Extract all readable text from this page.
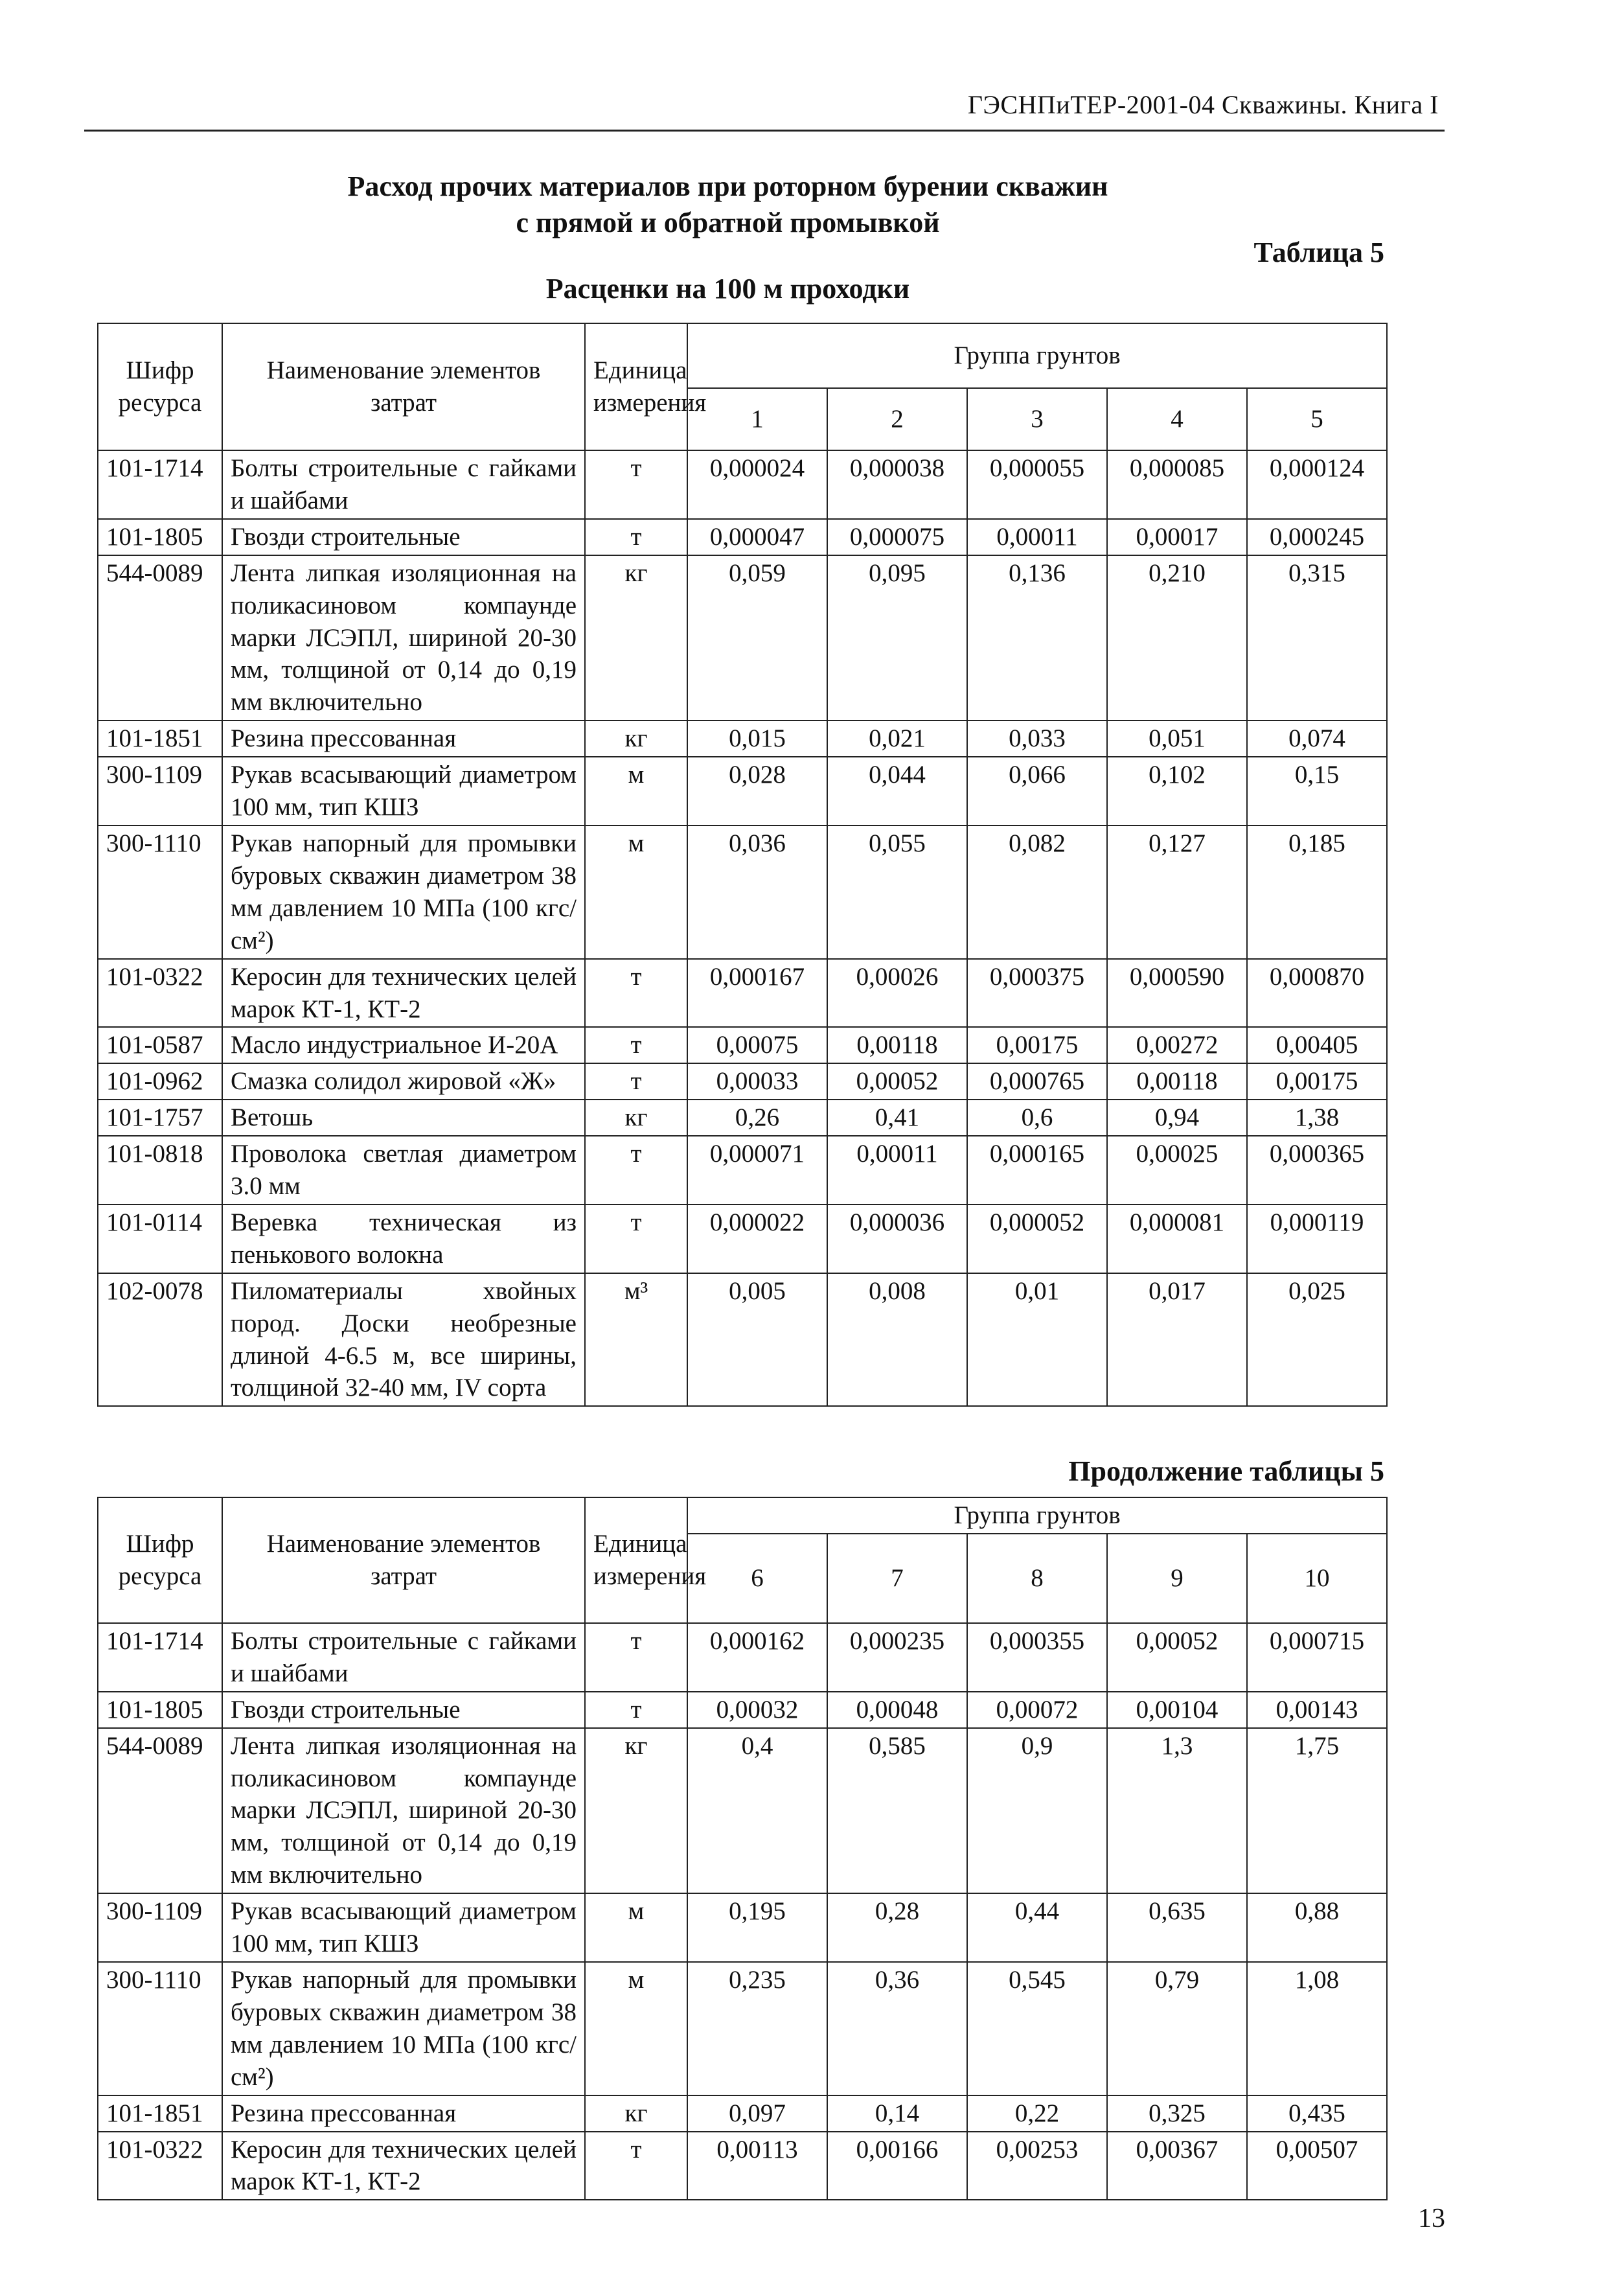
ГЭСНПиТЕР-2001-04 Скважины. Книга I
Расход прочих материалов при роторном бурении скважин
с прямой и обратной промывкой
Таблица 5
Расценки на 100 м проходки
Шифр ресурса	Наименование элементов затрат	Единица измерения	Группа грунтов				
			1	2	3	4	5
101-1714	Болты строительные с гайками и шайбами	т	0,000024	0,000038	0,000055	0,000085	0,000124
101-1805	Гвозди строительные	т	0,000047	0,000075	0,00011	0,00017	0,000245
544-0089	Лента липкая изоляционная на поликасиновом компаунде марки ЛСЭПЛ, шириной 20-30 мм, толщиной от 0,14 до 0,19 мм включительно	кг	0,059	0,095	0,136	0,210	0,315
101-1851	Резина прессованная	кг	0,015	0,021	0,033	0,051	0,074
300-1109	Рукав всасывающий диаметром 100 мм, тип КШЗ	м	0,028	0,044	0,066	0,102	0,15
300-1110	Рукав напорный для промывки буровых скважин диаметром 38 мм давлением 10 МПа (100 кгс/см²)	м	0,036	0,055	0,082	0,127	0,185
101-0322	Керосин для технических целей марок КТ-1, КТ-2	т	0,000167	0,00026	0,000375	0,000590	0,000870
101-0587	Масло индустриальное И-20А	т	0,00075	0,00118	0,00175	0,00272	0,00405
101-0962	Смазка солидол жировой «Ж»	т	0,00033	0,00052	0,000765	0,00118	0,00175
101-1757	Ветошь	кг	0,26	0,41	0,6	0,94	1,38
101-0818	Проволока светлая диаметром 3.0 мм	т	0,000071	0,00011	0,000165	0,00025	0,000365
101-0114	Веревка техническая из пенькового волокна	т	0,000022	0,000036	0,000052	0,000081	0,000119
102-0078	Пиломатериалы хвойных пород. Доски необрезные длиной 4-6.5 м, все ширины, толщиной 32-40 мм, IV сорта	м³	0,005	0,008	0,01	0,017	0,025
Продолжение таблицы 5
Шифр ресурса	Наименование элементов затрат	Единица измерения	Группа грунтов				
			6	7	8	9	10
101-1714	Болты строительные с гайками и шайбами	т	0,000162	0,000235	0,000355	0,00052	0,000715
101-1805	Гвозди строительные	т	0,00032	0,00048	0,00072	0,00104	0,00143
544-0089	Лента липкая изоляционная на поликасиновом компаунде марки ЛСЭПЛ, шириной 20-30 мм, толщиной от 0,14 до 0,19 мм включительно	кг	0,4	0,585	0,9	1,3	1,75
300-1109	Рукав всасывающий диаметром 100 мм, тип КШЗ	м	0,195	0,28	0,44	0,635	0,88
300-1110	Рукав напорный для промывки буровых скважин диаметром 38 мм давлением 10 МПа (100 кгс/см²)	м	0,235	0,36	0,545	0,79	1,08
101-1851	Резина прессованная	кг	0,097	0,14	0,22	0,325	0,435
101-0322	Керосин для технических целей марок КТ-1, КТ-2	т	0,00113	0,00166	0,00253	0,00367	0,00507
13
